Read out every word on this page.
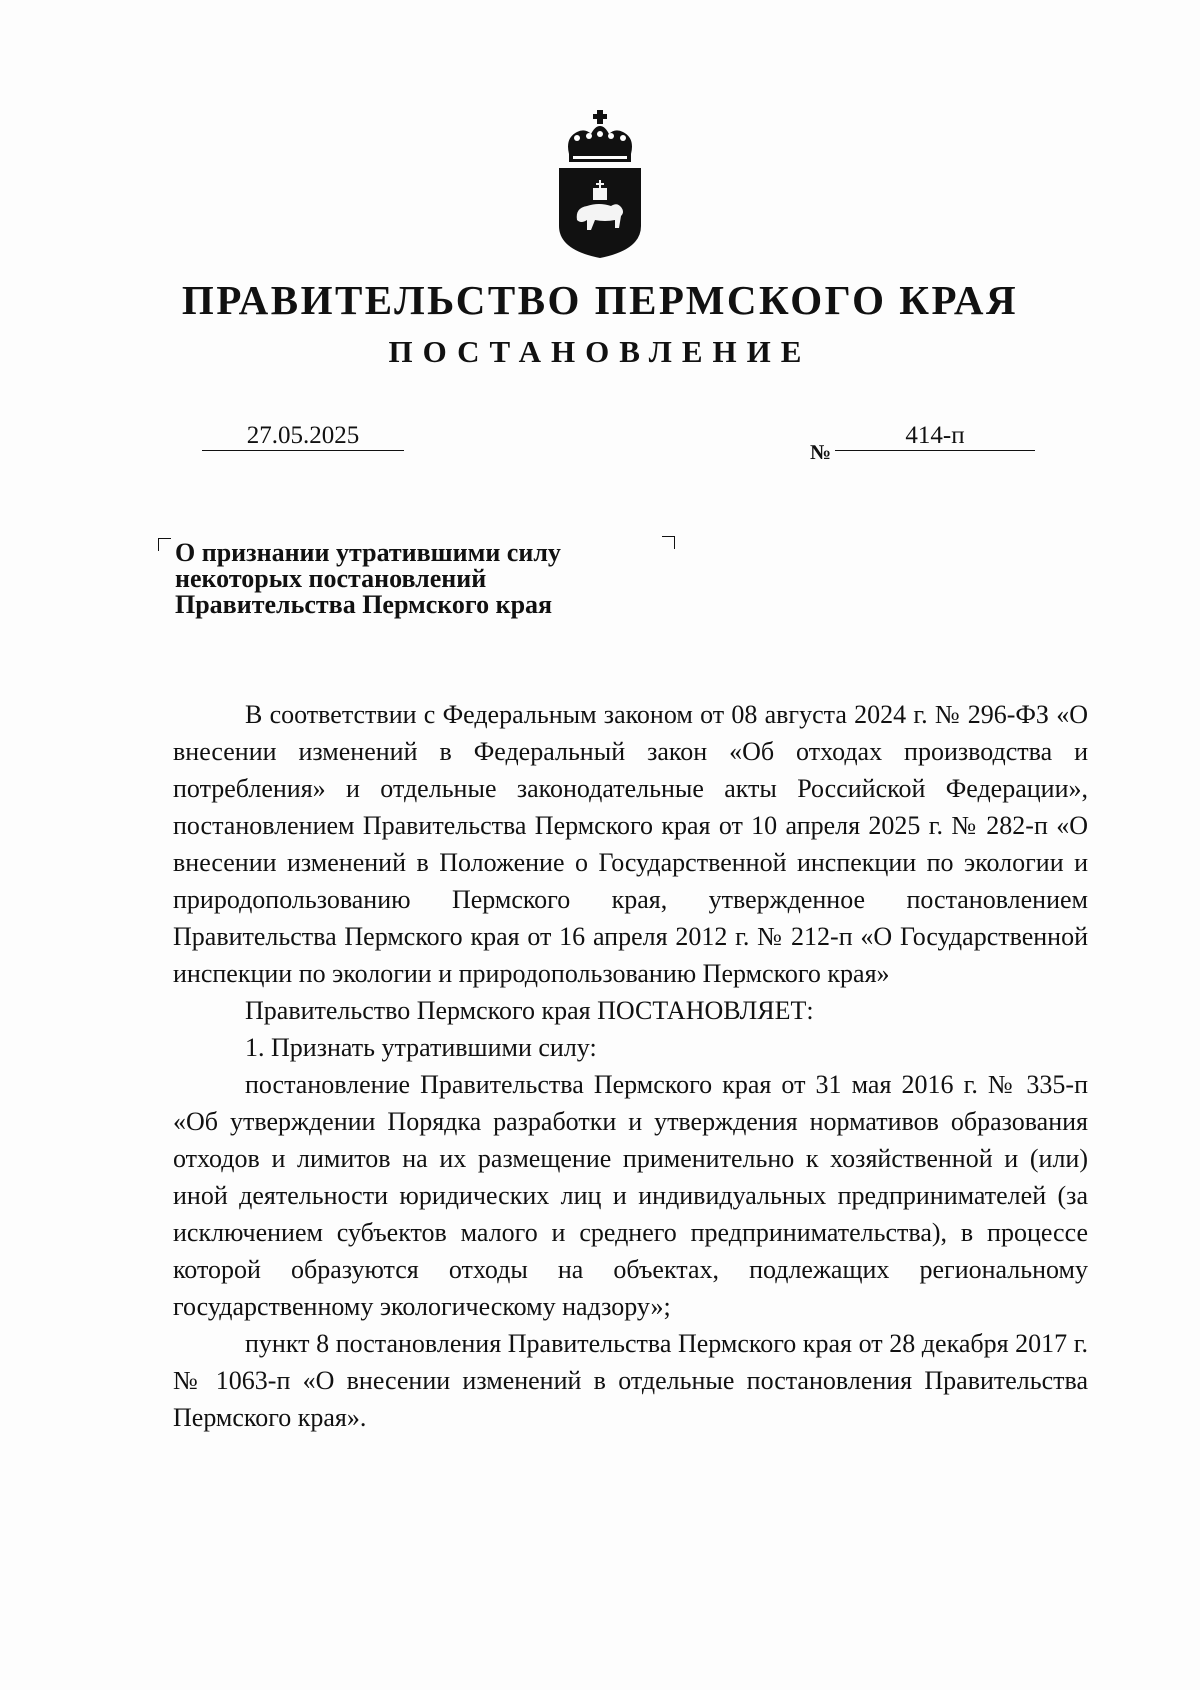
ПРАВИТЕЛЬСТВО ПЕРМСКОГО КРАЯ
ПОСТАНОВЛЕНИЕ
27.05.2025
№
414-п
О признании утратившими силу
некоторых постановлений
Правительства Пермского края

В соответствии с Федеральным законом от 08 августа 2024 г. № 296-ФЗ «О внесении изменений в Федеральный закон «Об отходах производства и потребления» и отдельные законодательные акты Российской Федерации», постановлением Правительства Пермского края от 10 апреля 2025 г. № 282-п «О внесении изменений в Положение о Государственной инспекции по экологии и природопользованию Пермского края, утвержденное постановлением Правительства Пермского края от 16 апреля 2012 г. № 212-п «О Государственной инспекции по экологии и природопользованию Пермского края»

Правительство Пермского края ПОСТАНОВЛЯЕТ:

1. Признать утратившими силу:

постановление Правительства Пермского края от 31 мая 2016 г. № 335-п «Об утверждении Порядка разработки и утверждения нормативов образования отходов и лимитов на их размещение применительно к хозяйственной и (или) иной деятельности юридических лиц и индивидуальных предпринимателей (за исключением субъектов малого и среднего предпринимательства), в процессе которой образуются отходы на объектах, подлежащих региональному государственному экологическому надзору»;

пункт 8 постановления Правительства Пермского края от 28 декабря 2017 г. № 1063-п «О внесении изменений в отдельные постановления Правительства Пермского края».
